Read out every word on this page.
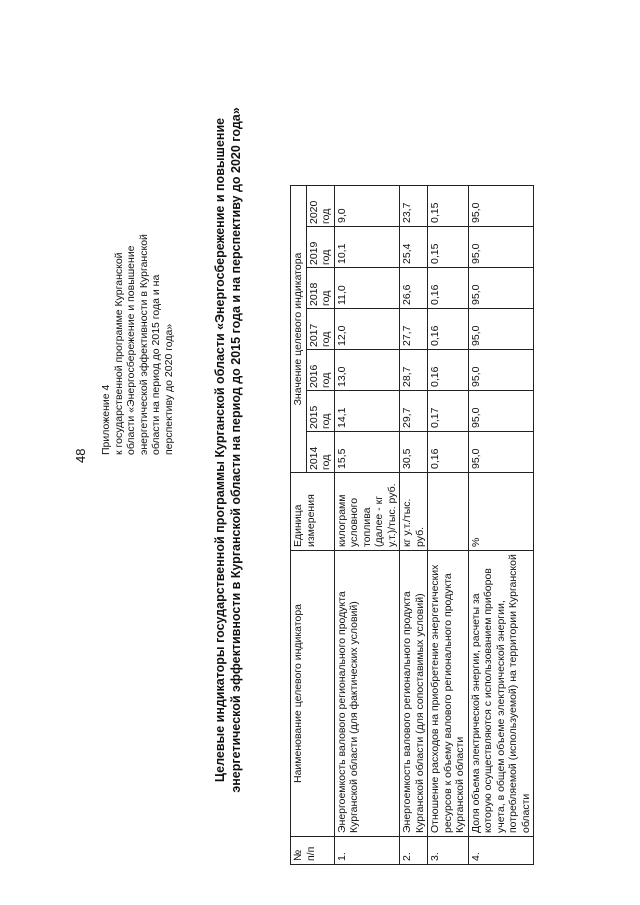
48
Приложение 4 к государственной программе Курганской области «Энергосбережение и повышение энергетической эффективности в Курганской области на период до 2015 года и на перспективу до 2020 года»	Целевые индикаторы государственной программы Курганской области «Энергосбережение и повышение энергетической эффективности в Курганской области на период до 2015 года и на перспективу до 2020 года»
№ п/п	Наименование целевого индикатора	Единица измерения	Значение целевого индикатора						
			2014 год	2015 год	2016 год	2017 год	2018 год	2019 год	2020 год
1.	Энергоемкость валового регионального продукта Курганской области (для фактических условий)	килограмм условного топлива (далее - кг у.т.)/тыс. руб.	15,5	14,1	13,0	12,0	11,0	10,1	9,0
2.	Энергоемкость валового регионального продукта Курганской области (для сопоставимых условий)	кг у.т./тыс. руб.	30,5	29,7	28,7	27,7	26,6	25,4	23,7
3.	Отношение расходов на приобретение энергетических ресурсов к объему валового регионального продукта Курганской области		0,16	0,17	0,16	0,16	0,16	0,15	0,15
4.	Доля объема электрической энергии, расчеты за которую осуществляются с использованием приборов учета, в общем объеме электрической энергии, потребляемой (используемой) на территории Курганской области	%	95,0	95,0	95,0	95,0	95,0	95,0	95,0
